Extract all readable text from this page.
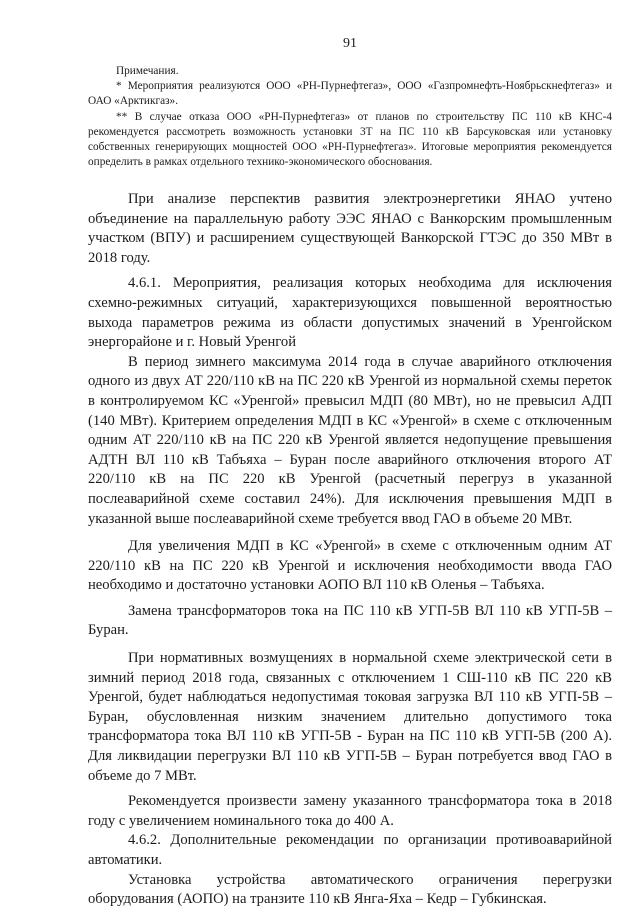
91

Примечания.

* Мероприятия реализуются ООО «РН-Пурнефтегаз», ООО «Газпромнефть-Ноябрьскнефтегаз» и ОАО «Арктикгаз».

** В случае отказа ООО «РН-Пурнефтегаз» от планов по строительству ПС 110 кВ КНС-4 рекомендуется рассмотреть возможность установки 3Т на ПС 110 кВ Барсуковская или установку собственных генерирующих мощностей ООО «РН-Пурнефтегаз». Итоговые мероприятия рекомендуется определить в рамках отдельного технико-экономического обоснования.

При анализе перспектив развития электроэнергетики ЯНАО учтено объединение на параллельную работу ЭЭС ЯНАО с Ванкорским промышленным участком (ВПУ) и расширением существующей Ванкорской ГТЭС до 350 МВт в 2018 году.

4.6.1. Мероприятия, реализация которых необходима для исключения схемно-режимных ситуаций, характеризующихся повышенной вероятностью выхода параметров режима из области допустимых значений в Уренгойском энергорайоне и г. Новый Уренгой

В период зимнего максимума 2014 года в случае аварийного отключения одного из двух АТ 220/110 кВ на ПС 220 кВ Уренгой из нормальной схемы переток в контролируемом КС «Уренгой» превысил МДП (80 МВт), но не превысил АДП (140 МВт). Критерием определения МДП в КС «Уренгой» в схеме с отключенным одним АТ 220/110 кВ на ПС 220 кВ Уренгой является недопущение превышения АДТН ВЛ 110 кВ Табъяха – Буран после аварийного отключения второго АТ 220/110 кВ на ПС 220 кВ Уренгой (расчетный перегруз в указанной послеаварийной схеме составил 24%). Для исключения превышения МДП в указанной выше послеаварийной схеме требуется ввод ГАО в объеме 20 МВт.

Для увеличения МДП в КС «Уренгой» в схеме с отключенным одним АТ 220/110 кВ на ПС 220 кВ Уренгой и исключения необходимости ввода ГАО необходимо и достаточно установки АОПО ВЛ 110 кВ Оленья – Табъяха.

Замена трансформаторов тока на ПС 110 кВ УГП-5В ВЛ 110 кВ УГП-5В – Буран.

При нормативных возмущениях в нормальной схеме электрической сети в зимний период 2018 года, связанных с отключением 1 СШ-110 кВ ПС 220 кВ Уренгой, будет наблюдаться недопустимая токовая загрузка ВЛ 110 кВ УГП-5В – Буран, обусловленная низким значением длительно допустимого тока трансформатора тока ВЛ 110 кВ УГП-5В - Буран на ПС 110 кВ УГП-5В (200 А). Для ликвидации перегрузки ВЛ 110 кВ УГП-5В – Буран потребуется ввод ГАО в объеме до 7 МВт.

Рекомендуется произвести замену указанного трансформатора тока в 2018 году с увеличением номинального тока до 400 А.

4.6.2. Дополнительные рекомендации по организации противоаварийной автоматики.

Установка устройства автоматического ограничения перегрузки оборудования (АОПО) на транзите 110 кВ Янга-Яха – Кедр – Губкинская.
